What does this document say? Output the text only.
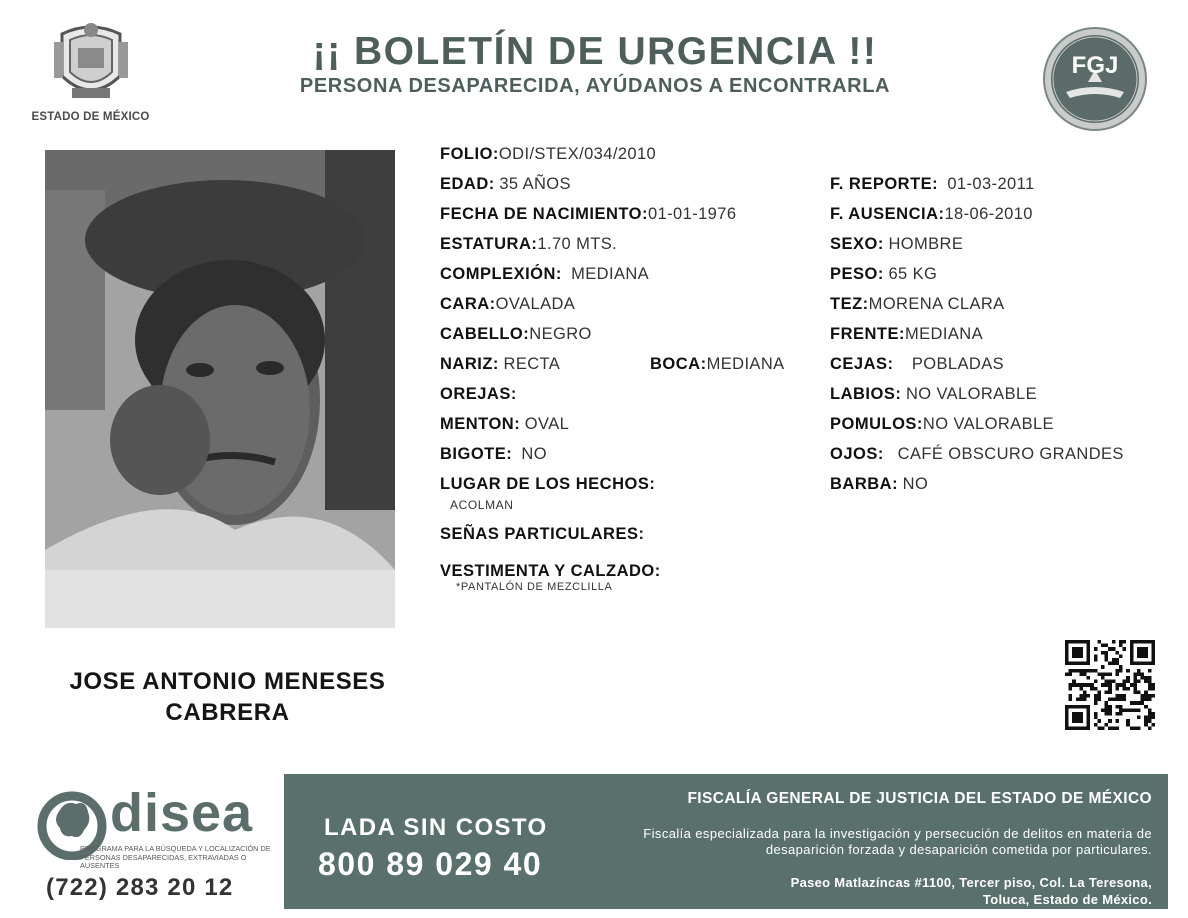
ESTADO DE MÉXICO
¡¡ BOLETÍN DE URGENCIA !!
PERSONA DESAPARECIDA, AYÚDANOS A ENCONTRARLA
FGJ
JOSE ANTONIO MENESES
CABRERA
FOLIO:ODI/STEX/034/2010
EDAD: 35 AÑOS
FECHA DE NACIMIENTO:01-01-1976
ESTATURA:1.70 MTS.
COMPLEXIÓN: MEDIANA
CARA:OVALADA
CABELLO:NEGRO
NARIZ: RECTA	BOCA:MEDIANA
OREJAS:
MENTON: OVAL
BIGOTE: NO
LUGAR DE LOS HECHOS:
ACOLMAN
SEÑAS PARTICULARES:
VESTIMENTA Y CALZADO:
*PANTALÓN DE MEZCLILLA
F. REPORTE: 01-03-2011
F. AUSENCIA:18-06-2010
SEXO: HOMBRE
PESO: 65 KG
TEZ:MORENA CLARA
FRENTE:MEDIANA
CEJAS: POBLADAS
LABIOS: NO VALORABLE
POMULOS:NO VALORABLE
OJOS: CAFÉ OBSCURO GRANDES
BARBA: NO
disea
PROGRAMA PARA LA BÚSQUEDA Y LOCALIZACIÓN DE PERSONAS DESAPARECIDAS, EXTRAVIADAS O AUSENTES
(722) 283 20 12
LADA SIN COSTO
800 89 029 40
FISCALÍA GENERAL DE JUSTICIA DEL ESTADO DE MÉXICO
Fiscalía especializada para la investigación y persecución de delitos en materia de desaparición forzada y desaparición cometida por particulares.
Paseo Matlazíncas #1100, Tercer piso, Col. La Teresona,
Toluca, Estado de México.
